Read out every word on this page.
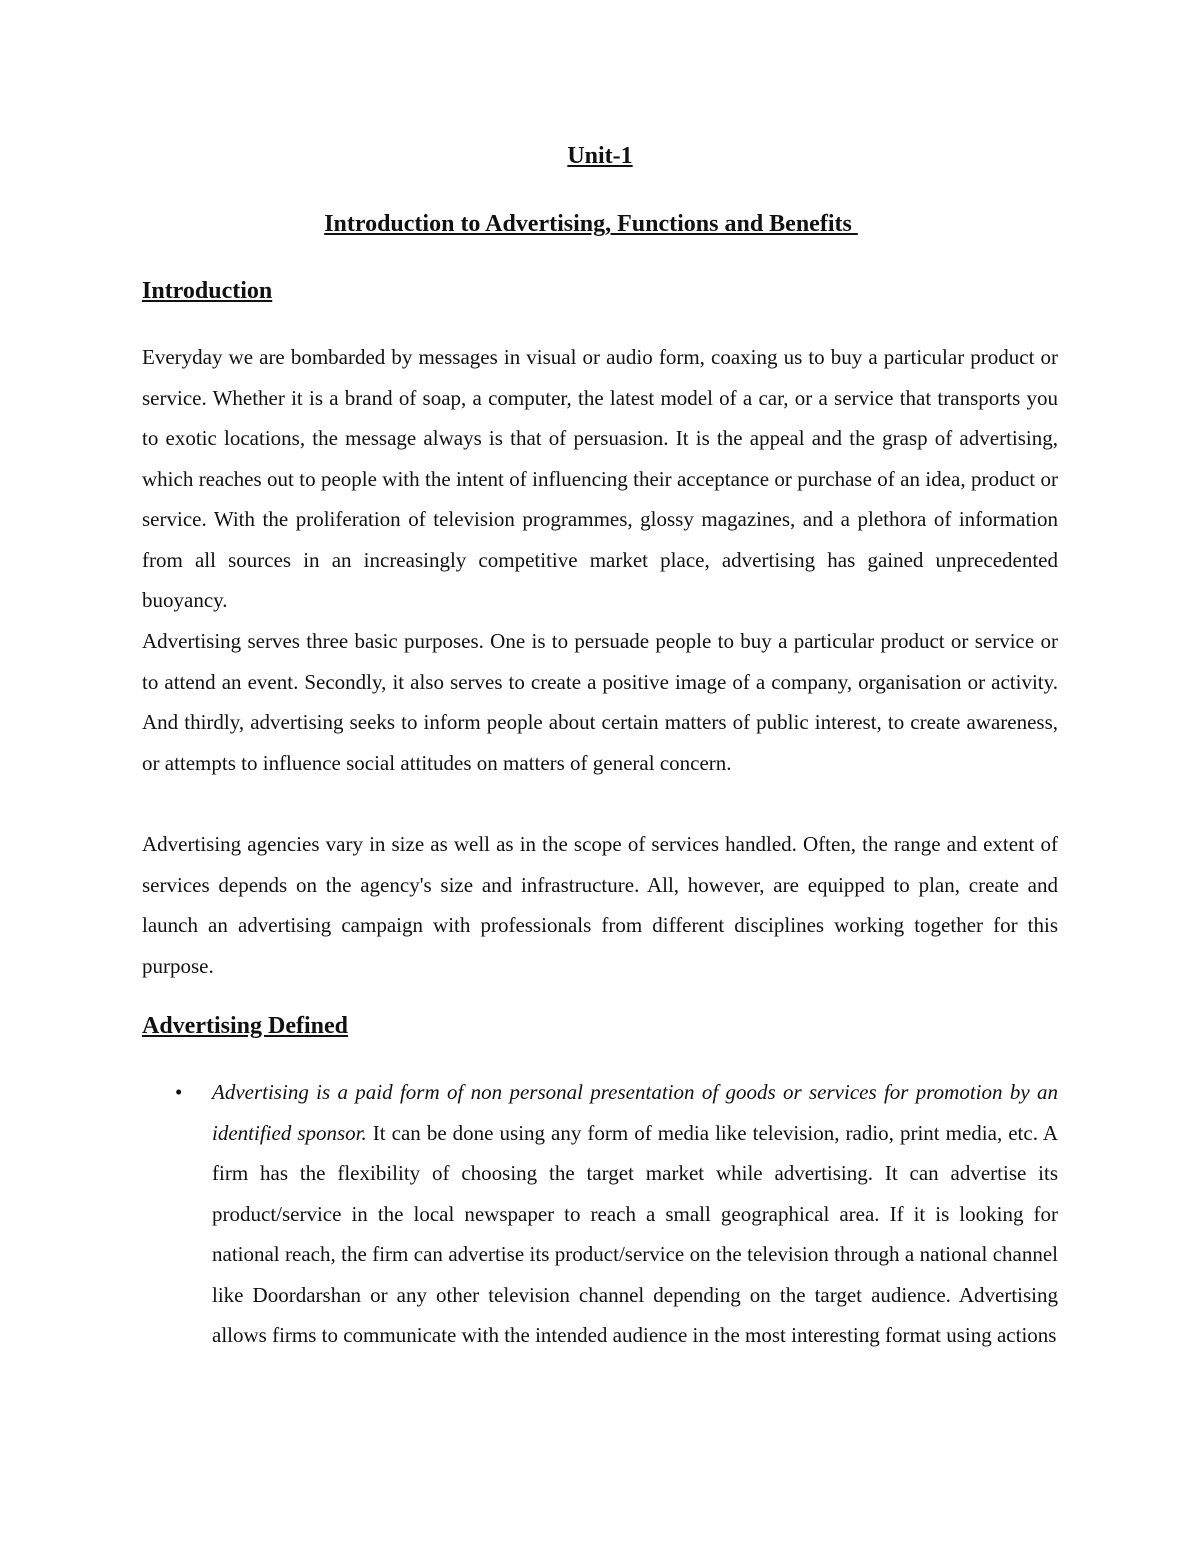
Unit-1
Introduction to Advertising, Functions and Benefits
Introduction

Everyday we are bombarded by messages in visual or audio form, coaxing us to buy a particular product or service. Whether it is a brand of soap, a computer, the latest model of a car, or a service that transports you to exotic locations, the message always is that of persuasion. It is the appeal and the grasp of advertising, which reaches out to people with the intent of influencing their acceptance or purchase of an idea, product or service. With the proliferation of television programmes, glossy magazines, and a plethora of information from all sources in an increasingly competitive market place, advertising has gained unprecedented buoyancy.

Advertising serves three basic purposes. One is to persuade people to buy a particular product or service or to attend an event. Secondly, it also serves to create a positive image of a company, organisation or activity. And thirdly, advertising seeks to inform people about certain matters of public interest, to create awareness, or attempts to influence social attitudes on matters of general concern.

Advertising agencies vary in size as well as in the scope of services handled. Often, the range and extent of services depends on the agency's size and infrastructure. All, however, are equipped to plan, create and launch an advertising campaign with professionals from different disciplines working together for this purpose.

Advertising Defined
• Advertising is a paid form of non personal presentation of goods or services for promotion by an identified sponsor. It can be done using any form of media like television, radio, print media, etc. A firm has the flexibility of choosing the target market while advertising. It can advertise its product/service in the local newspaper to reach a small geographical area. If it is looking for national reach, the firm can advertise its product/service on the television through a national channel like Doordarshan or any other television channel depending on the target audience. Advertising allows firms to communicate with the intended audience in the most interesting format using actions
